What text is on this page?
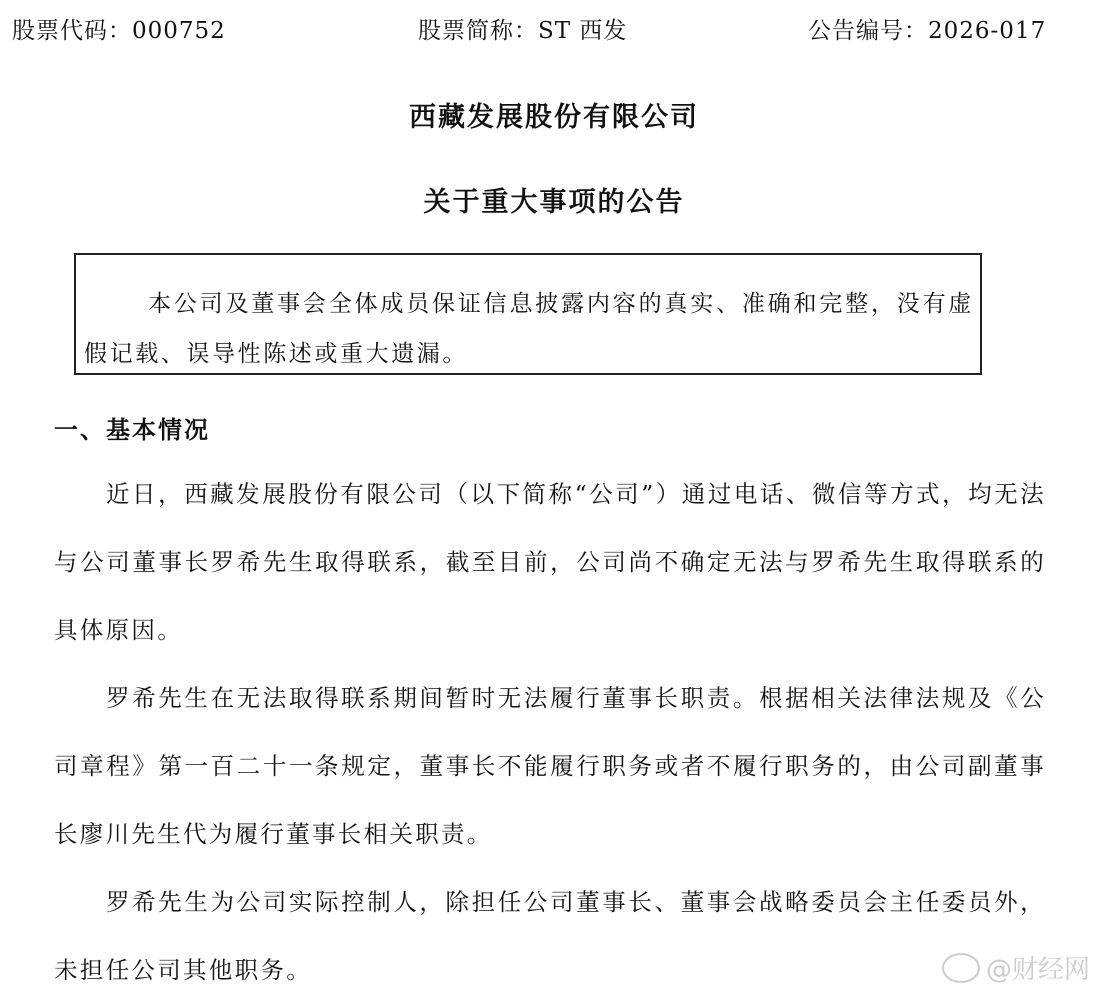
股票代码：000752	股票简称：ST 西发	公告编号：2026-017
西藏发展股份有限公司
关于重大事项的公告

本公司及董事会全体成员保证信息披露内容的真实、准确和完整，没有虚假记载、误导性陈述或重大遗漏。

一、基本情况

近日，西藏发展股份有限公司（以下简称“公司”）通过电话、微信等方式，均无法与公司董事长罗希先生取得联系，截至目前，公司尚不确定无法与罗希先生取得联系的具体原因。

罗希先生在无法取得联系期间暂时无法履行董事长职责。根据相关法律法规及《公司章程》第一百二十一条规定，董事长不能履行职务或者不履行职务的，由公司副董事长廖川先生代为履行董事长相关职责。

罗希先生为公司实际控制人，除担任公司董事长、董事会战略委员会主任委员外，未担任公司其他职务。	@财经网
